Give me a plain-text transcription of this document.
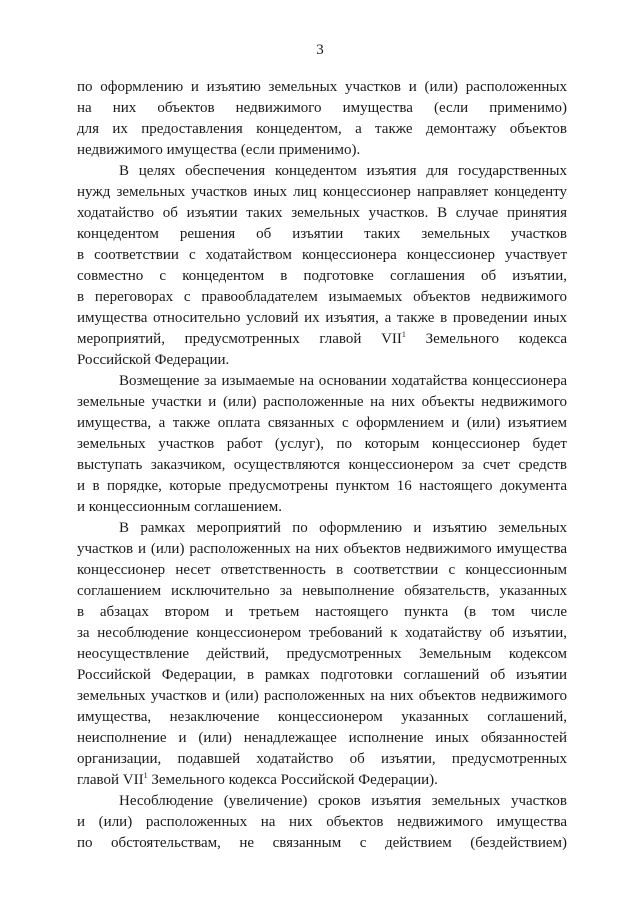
3
по оформлению и изъятию земельных участков и (или) расположенных
на них объектов недвижимого имущества (если применимо)
для их предоставления концедентом, а также демонтажу объектов
недвижимого имущества (если применимо).
В целях обеспечения концедентом изъятия для государственных
нужд земельных участков иных лиц концессионер направляет концеденту
ходатайство об изъятии таких земельных участков. В случае принятия
концедентом решения об изъятии таких земельных участков
в соответствии с ходатайством концессионера концессионер участвует
совместно с концедентом в подготовке соглашения об изъятии,
в переговорах с правообладателем изымаемых объектов недвижимого
имущества относительно условий их изъятия, а также в проведении иных
мероприятий, предусмотренных главой VII$^1$ Земельного кодекса
Российской Федерации.
Возмещение за изымаемые на основании ходатайства концессионера
земельные участки и (или) расположенные на них объекты недвижимого
имущества, а также оплата связанных с оформлением и (или) изъятием
земельных участков работ (услуг), по которым концессионер будет
выступать заказчиком, осуществляются концессионером за счет средств
и в порядке, которые предусмотрены пунктом 16 настоящего документа
и концессионным соглашением.
В рамках мероприятий по оформлению и изъятию земельных
участков и (или) расположенных на них объектов недвижимого имущества
концессионер несет ответственность в соответствии с концессионным
соглашением исключительно за невыполнение обязательств, указанных
в абзацах втором и третьем настоящего пункта (в том числе
за несоблюдение концессионером требований к ходатайству об изъятии,
неосуществление действий, предусмотренных Земельным кодексом
Российской Федерации, в рамках подготовки соглашений об изъятии
земельных участков и (или) расположенных на них объектов недвижимого
имущества, незаключение концессионером указанных соглашений,
неисполнение и (или) ненадлежащее исполнение иных обязанностей
организации, подавшей ходатайство об изъятии, предусмотренных
главой VII$^1$ Земельного кодекса Российской Федерации).
Несоблюдение (увеличение) сроков изъятия земельных участков
и (или) расположенных на них объектов недвижимого имущества
по обстоятельствам, не связанным с действием (бездействием)
